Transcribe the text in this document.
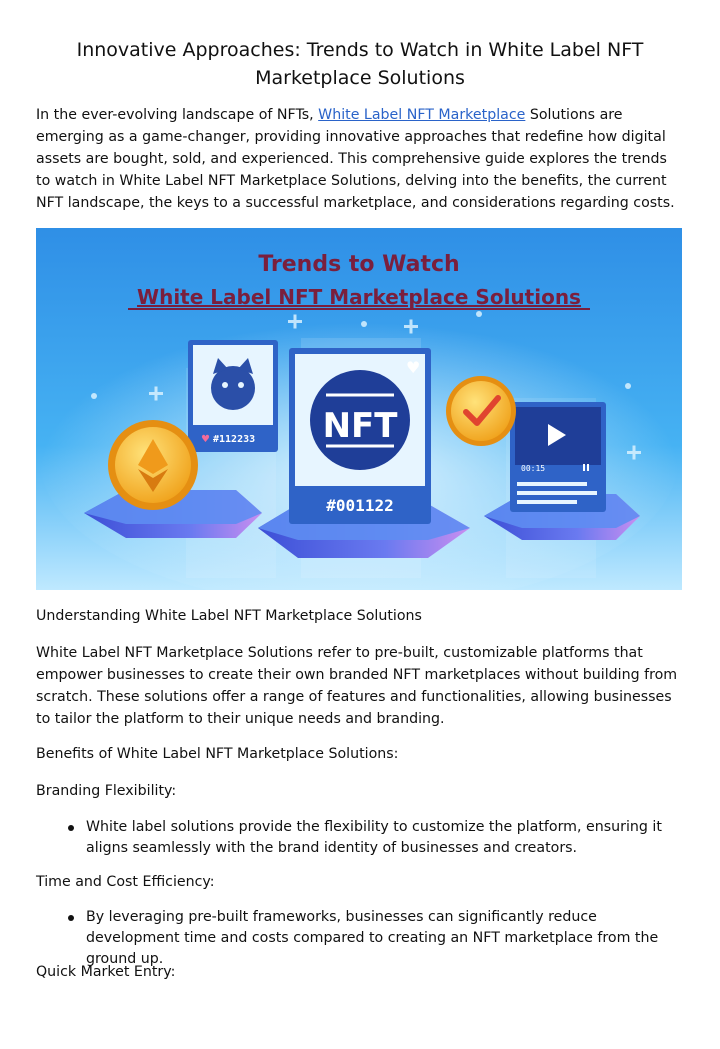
Innovative Approaches: Trends to Watch in White Label NFT Marketplace Solutions

In the ever-evolving landscape of NFTs, White Label NFT Marketplace Solutions are emerging as a game-changer, providing innovative approaches that redefine how digital assets are bought, sold, and experienced. This comprehensive guide explores the trends to watch in White Label NFT Marketplace Solutions, delving into the benefits, the current NFT landscape, the keys to a successful marketplace, and considerations regarding costs.

Trends to Watch
White Label NFT Marketplace Solutions
♥ #112233 NFT
♥
#001122
00:15
Understanding White Label NFT Marketplace Solutions

White Label NFT Marketplace Solutions refer to pre-built, customizable platforms that empower businesses to create their own branded NFT marketplaces without building from scratch. These solutions offer a range of features and functionalities, allowing businesses to tailor the platform to their unique needs and branding.

Benefits of White Label NFT Marketplace Solutions:
Branding Flexibility:

White label solutions provide the flexibility to customize the platform, ensuring it aligns seamlessly with the brand identity of businesses and creators.

Time and Cost Efficiency:

By leveraging pre-built frameworks, businesses can significantly reduce development time and costs compared to creating an NFT marketplace from the ground up.

Quick Market Entry:
